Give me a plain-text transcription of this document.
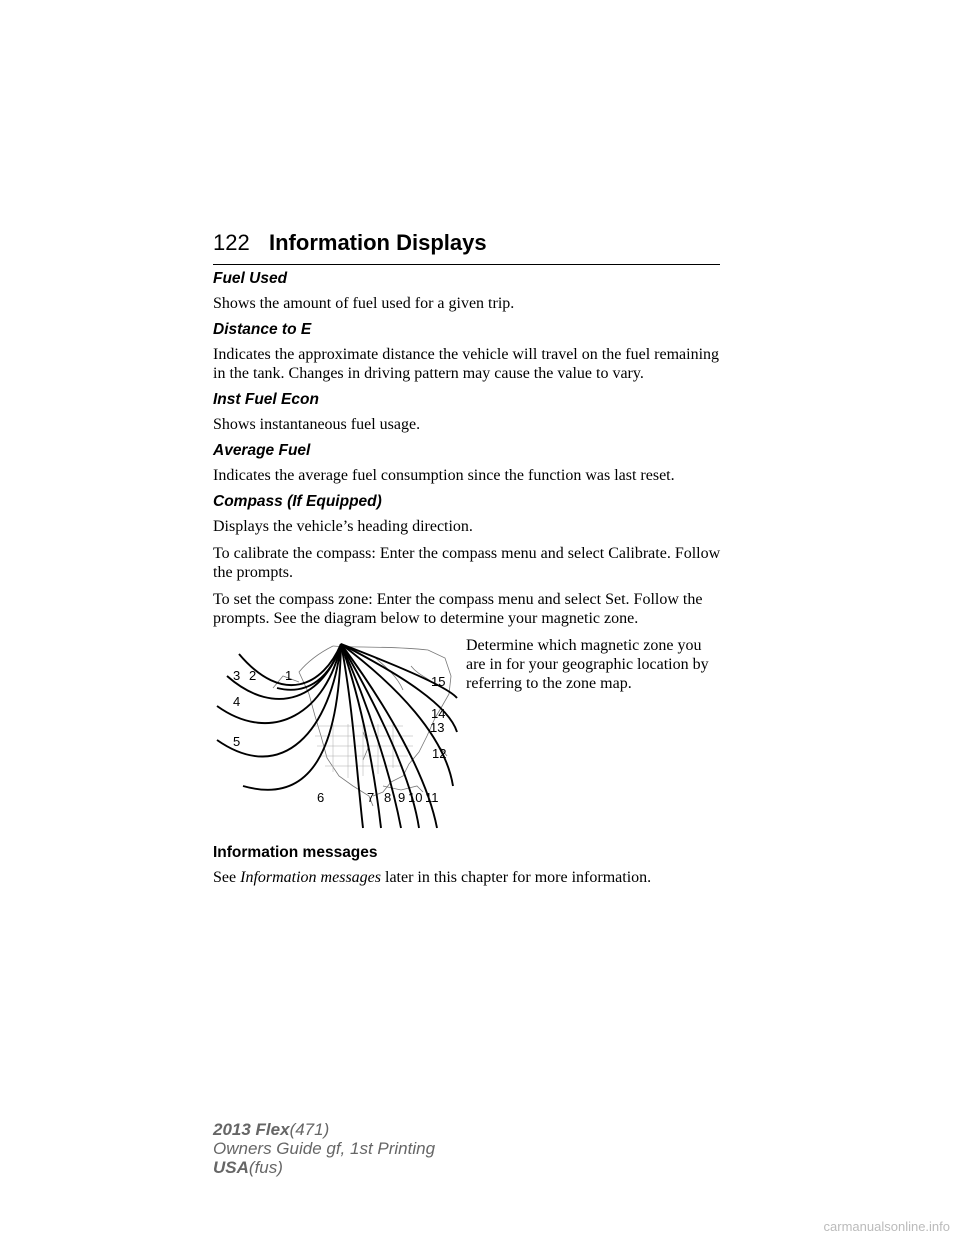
122 Information Displays
Fuel Used

Shows the amount of fuel used for a given trip.

Distance to E

Indicates the approximate distance the vehicle will travel on the fuel remaining in the tank. Changes in driving pattern may cause the value to vary.

Inst Fuel Econ

Shows instantaneous fuel usage.

Average Fuel

Indicates the average fuel consumption since the function was last reset.

Compass (If Equipped)

Displays the vehicle’s heading direction.

To calibrate the compass: Enter the compass menu and select Calibrate. Follow the prompts.

To set the compass zone: Enter the compass menu and select Set. Follow the prompts. See the diagram below to determine your magnetic zone.

1
2
3
4
5
6	7 8 9 10 11
12
13
14
15

Determine which magnetic zone you are in for your geographic location by referring to the zone map.

Information messages

See Information messages later in this chapter for more information.

2013 Flex(471)
Owners Guide gf, 1st Printing
USA(fus)
carmanualsonline.info
